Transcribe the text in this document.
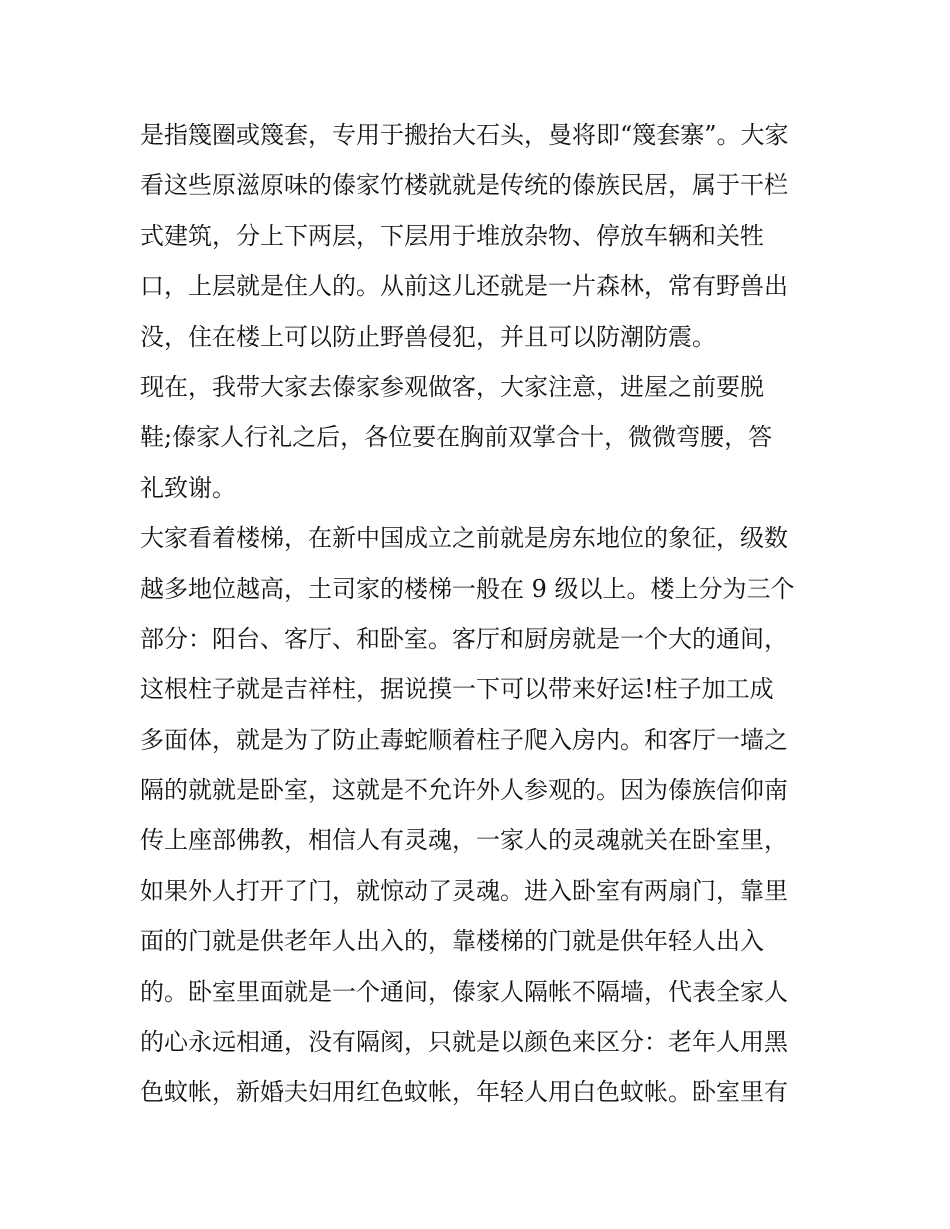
是指篾圈或篾套，专用于搬抬大石头，曼将即“篾套寨”。大家
看这些原滋原味的傣家竹楼就就是传统的傣族民居，属于干栏
式建筑，分上下两层，下层用于堆放杂物、停放车辆和关牲
口，上层就是住人的。从前这儿还就是一片森林，常有野兽出
没，住在楼上可以防止野兽侵犯，并且可以防潮防震。
现在，我带大家去傣家参观做客，大家注意，进屋之前要脱
鞋;傣家人行礼之后，各位要在胸前双掌合十，微微弯腰，答
礼致谢。
大家看着楼梯，在新中国成立之前就是房东地位的象征，级数
越多地位越高，土司家的楼梯一般在 9 级以上。楼上分为三个
部分：阳台、客厅、和卧室。客厅和厨房就是一个大的通间，
这根柱子就是吉祥柱，据说摸一下可以带来好运!柱子加工成
多面体，就是为了防止毒蛇顺着柱子爬入房内。和客厅一墙之
隔的就就是卧室，这就是不允许外人参观的。因为傣族信仰南
传上座部佛教，相信人有灵魂，一家人的灵魂就关在卧室里，
如果外人打开了门，就惊动了灵魂。进入卧室有两扇门，靠里
面的门就是供老年人出入的，靠楼梯的门就是供年轻人出入
的。卧室里面就是一个通间，傣家人隔帐不隔墙，代表全家人
的心永远相通，没有隔阂，只就是以颜色来区分：老年人用黑
色蚊帐，新婚夫妇用红色蚊帐，年轻人用白色蚊帐。卧室里有
